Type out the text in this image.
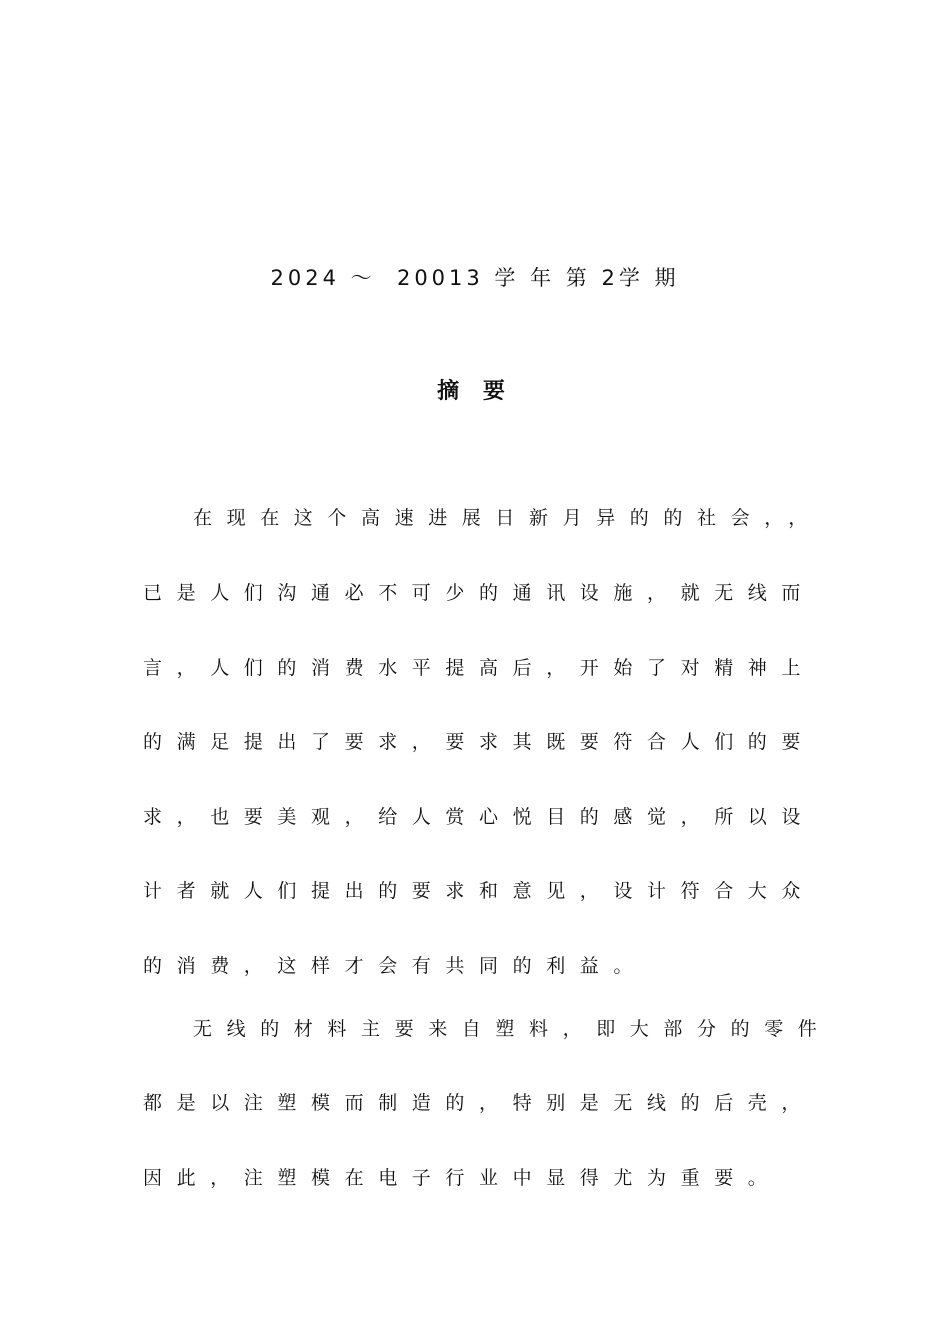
2024 ～  20013 学 年 第 2学 期
摘 要
在现在这个高速进展日新月异的的社会，，
已是人们沟通必不可少的通讯设施，就无线而
言，人们的消费水平提高后，开始了对精神上
的满足提出了要求，要求其既要符合人们的要
求，也要美观，给人赏心悦目的感觉，所以设
计者就人们提出的要求和意见，设计符合大众
的消费，这样才会有共同的利益。
无线的材料主要来自塑料，即大部分的零件
都是以注塑模而制造的，特别是无线的后壳，
因此，注塑模在电子行业中显得尤为重要。
